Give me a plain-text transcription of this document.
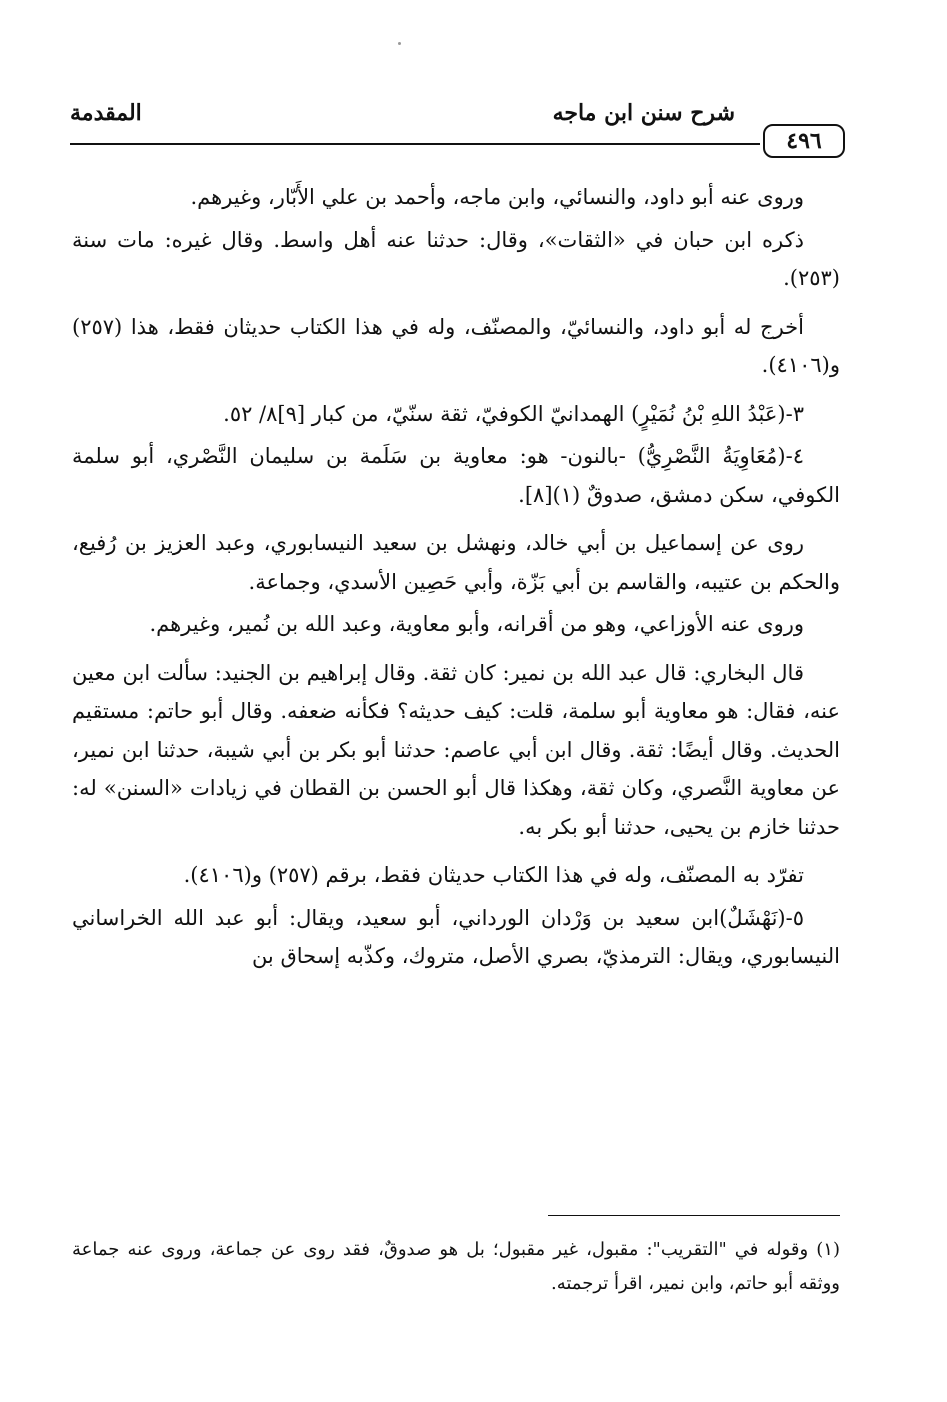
المقدمة	شرح سنن ابن ماجه
٤٩٦

وروى عنه أبو داود، والنسائي، وابن ماجه، وأحمد بن علي الأَبّار، وغيرهم.

ذكره ابن حبان في «الثقات»، وقال: حدثنا عنه أهل واسط. وقال غيره: مات سنة (٢٥٣).

أخرج له أبو داود، والنسائيّ، والمصنّف، وله في هذا الكتاب حديثان فقط، هذا (٢٥٧) و(٤١٠٦).

٣-(عَبْدُ اللهِ بْنُ نُمَيْرٍ) الهمدانيّ الكوفيّ، ثقة سنّيّ، من كبار [٩]٨/ ٥٢.

٤-(مُعَاوِيَةُ النَّصْرِيُّ) -بالنون- هو: معاوية بن سَلَمة بن سليمان النَّصْري، أبو سلمة الكوفي، سكن دمشق، صدوقٌ (١)[٨].

روى عن إسماعيل بن أبي خالد، ونهشل بن سعيد النيسابوري، وعبد العزيز بن رُفيع، والحكم بن عتيبه، والقاسم بن أبي بَزّة، وأبي حَصِين الأسدي، وجماعة.

وروى عنه الأوزاعي، وهو من أقرانه، وأبو معاوية، وعبد الله بن نُمير، وغيرهم.

قال البخاري: قال عبد الله بن نمير: كان ثقة. وقال إبراهيم بن الجنيد: سألت ابن معين عنه، فقال: هو معاوية أبو سلمة، قلت: كيف حديثه؟ فكأنه ضعفه. وقال أبو حاتم: مستقيم الحديث. وقال أيضًا: ثقة. وقال ابن أبي عاصم: حدثنا أبو بكر بن أبي شيبة، حدثنا ابن نمير، عن معاوية النَّصري، وكان ثقة، وهكذا قال أبو الحسن بن القطان في زيادات «السنن» له: حدثنا خازم بن يحيى، حدثنا أبو بكر به.

تفرّد به المصنّف، وله في هذا الكتاب حديثان فقط، برقم (٢٥٧) و(٤١٠٦).

٥-(نَهْشَلٌ)ابن سعيد بن وَرْدان الورداني، أبو سعيد، ويقال: أبو عبد الله الخراساني النيسابوري، ويقال: الترمذيّ، بصري الأصل، متروك، وكذّبه إسحاق بن

(١) وقوله في "التقريب": مقبول، غير مقبول؛ بل هو صدوقٌ، فقد روى عن جماعة، وروى عنه جماعة ووثقه أبو حاتم، وابن نمير، اقرأ ترجمته.
